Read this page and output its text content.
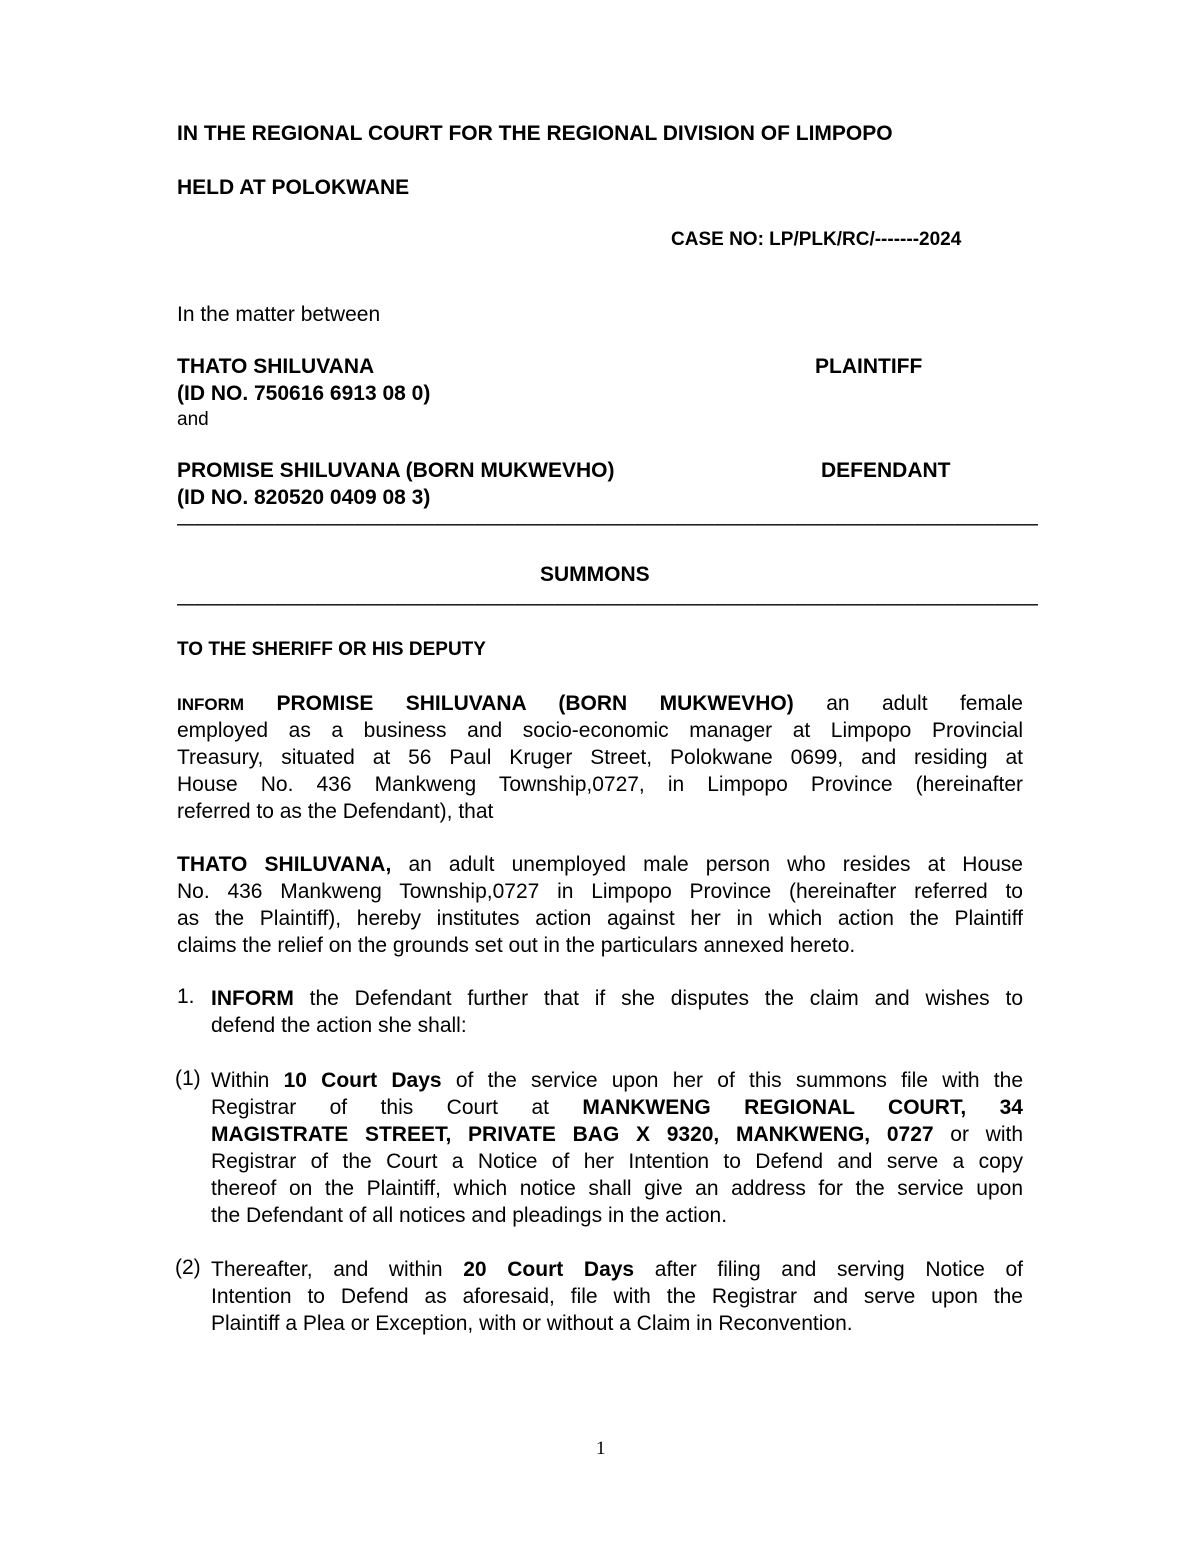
IN THE REGIONAL COURT FOR THE REGIONAL DIVISION OF LIMPOPO
HELD AT POLOKWANE
CASE NO: LP/PLK/RC/-------2024
In the matter between
THATO SHILUVANA	PLAINTIFF
(ID NO. 750616 6913 08 0)
and
PROMISE SHILUVANA (BORN MUKWEVHO)	DEFENDANT
(ID NO. 820520 0409 08 3)
———————————————————————————————————————————
SUMMONS
———————————————————————————————————————————
TO THE SHERIFF OR HIS DEPUTY
INFORM PROMISE SHILUVANA (BORN MUKWEVHO) an adult female
employed as a business and socio-economic manager at Limpopo Provincial
Treasury, situated at 56 Paul Kruger Street, Polokwane 0699, and residing at
House No. 436 Mankweng Township,0727, in Limpopo Province (hereinafter
referred to as the Defendant), that
THATO SHILUVANA, an adult unemployed male person who resides at House
No. 436 Mankweng Township,0727 in Limpopo Province (hereinafter referred to
as the Plaintiff), hereby institutes action against her in which action the Plaintiff
claims the relief on the grounds set out in the particulars annexed hereto.
1. INFORM the Defendant further that if she disputes the claim and wishes to
defend the action she shall:
(1) Within 10 Court Days of the service upon her of this summons file with the
Registrar of this Court at MANKWENG REGIONAL COURT, 34
MAGISTRATE STREET, PRIVATE BAG X 9320, MANKWENG, 0727 or with
Registrar of the Court a Notice of her Intention to Defend and serve a copy
thereof on the Plaintiff, which notice shall give an address for the service upon
the Defendant of all notices and pleadings in the action.
(2) Thereafter, and within 20 Court Days after filing and serving Notice of
Intention to Defend as aforesaid, file with the Registrar and serve upon the
Plaintiff a Plea or Exception, with or without a Claim in Reconvention.
1
